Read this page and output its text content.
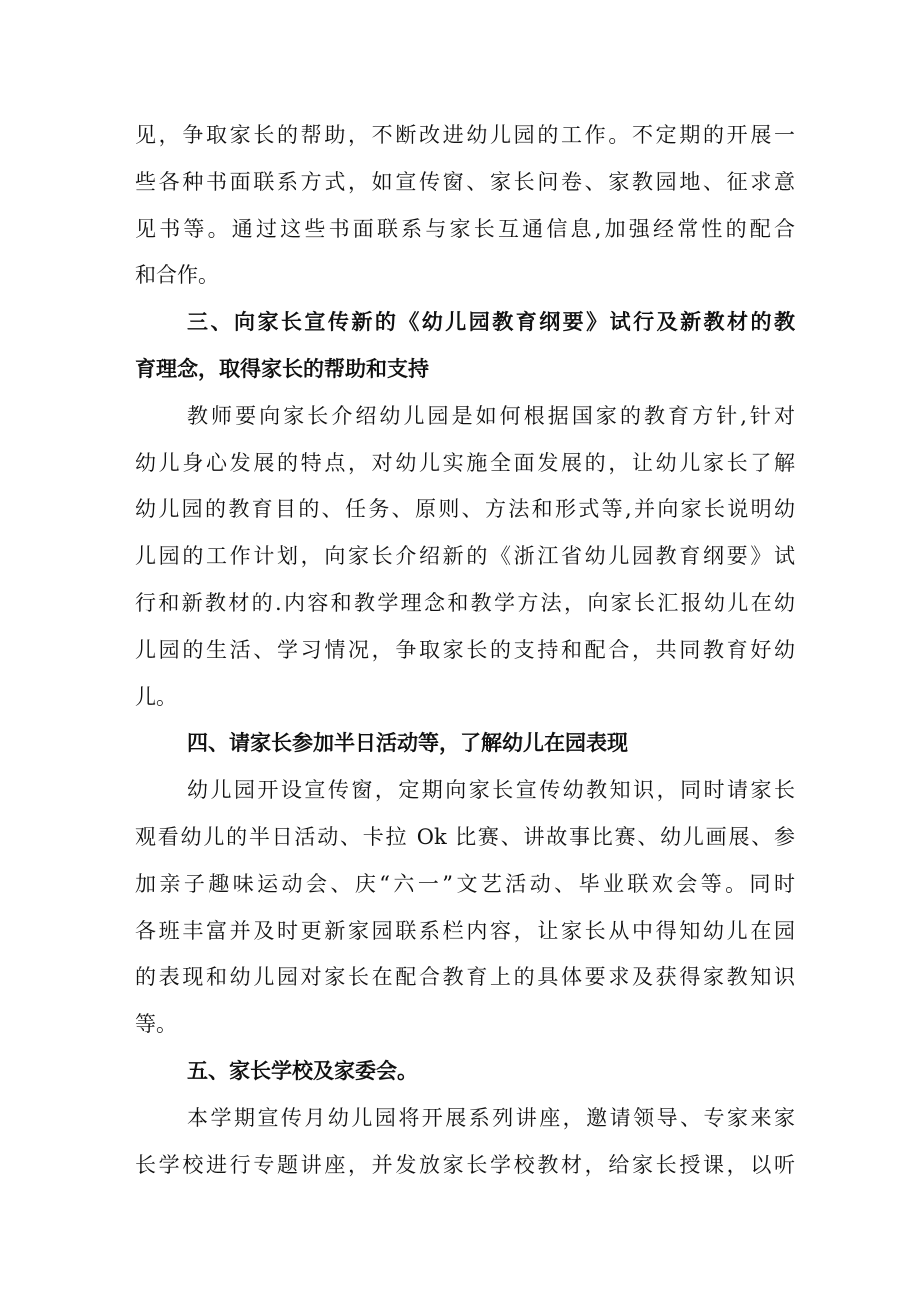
见，争取家长的帮助，不断改进幼儿园的工作。不定期的开展一
些各种书面联系方式，如宣传窗、家长问卷、家教园地、征求意
见书等。通过这些书面联系与家长互通信息,加强经常性的配合
和合作。
三、向家长宣传新的《幼儿园教育纲要》试行及新教材的教
育理念，取得家长的帮助和支持
教师要向家长介绍幼儿园是如何根据国家的教育方针,针对
幼儿身心发展的特点，对幼儿实施全面发展的，让幼儿家长了解
幼儿园的教育目的、任务、原则、方法和形式等,并向家长说明幼
儿园的工作计划，向家长介绍新的《浙江省幼儿园教育纲要》试
行和新教材的.内容和教学理念和教学方法，向家长汇报幼儿在幼
儿园的生活、学习情况，争取家长的支持和配合，共同教育好幼
儿。
四、请家长参加半日活动等，了解幼儿在园表现
幼儿园开设宣传窗，定期向家长宣传幼教知识，同时请家长
观看幼儿的半日活动、卡拉 Ok 比赛、讲故事比赛、幼儿画展、参
加亲子趣味运动会、庆“六一”文艺活动、毕业联欢会等。同时
各班丰富并及时更新家园联系栏内容，让家长从中得知幼儿在园
的表现和幼儿园对家长在配合教育上的具体要求及获得家教知识
等。
五、家长学校及家委会。
本学期宣传月幼儿园将开展系列讲座，邀请领导、专家来家
长学校进行专题讲座，并发放家长学校教材，给家长授课，以听
